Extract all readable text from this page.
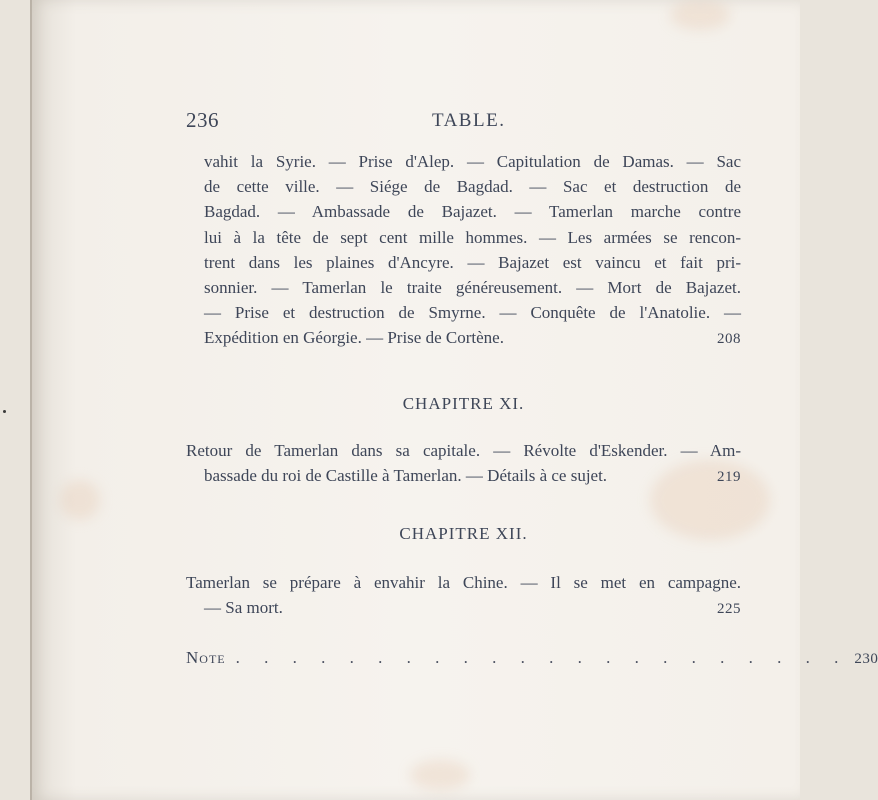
236	TABLE.
vahit la Syrie. — Prise d'Alep. — Capitulation de Damas. — Sac
de cette ville. — Siége de Bagdad. — Sac et destruction de
Bagdad. — Ambassade de Bajazet. — Tamerlan marche contre
lui à la tête de sept cent mille hommes. — Les armées se rencon-
trent dans les plaines d'Ancyre. — Bajazet est vaincu et fait pri-
sonnier. — Tamerlan le traite généreusement. — Mort de Bajazet.
— Prise et destruction de Smyrne. — Conquête de l'Anatolie. —
Expédition en Géorgie. — Prise de Cortène.	208
CHAPITRE XI.
Retour de Tamerlan dans sa capitale. — Révolte d'Eskender. — Am-
bassade du roi de Castille à Tamerlan. — Détails à ce sujet.	219
CHAPITRE XII.
Tamerlan se prépare à envahir la Chine. — Il se met en campagne.
— Sa mort.	225
Note . . . . . . . . . . . . . . . . . . . . . . 230
